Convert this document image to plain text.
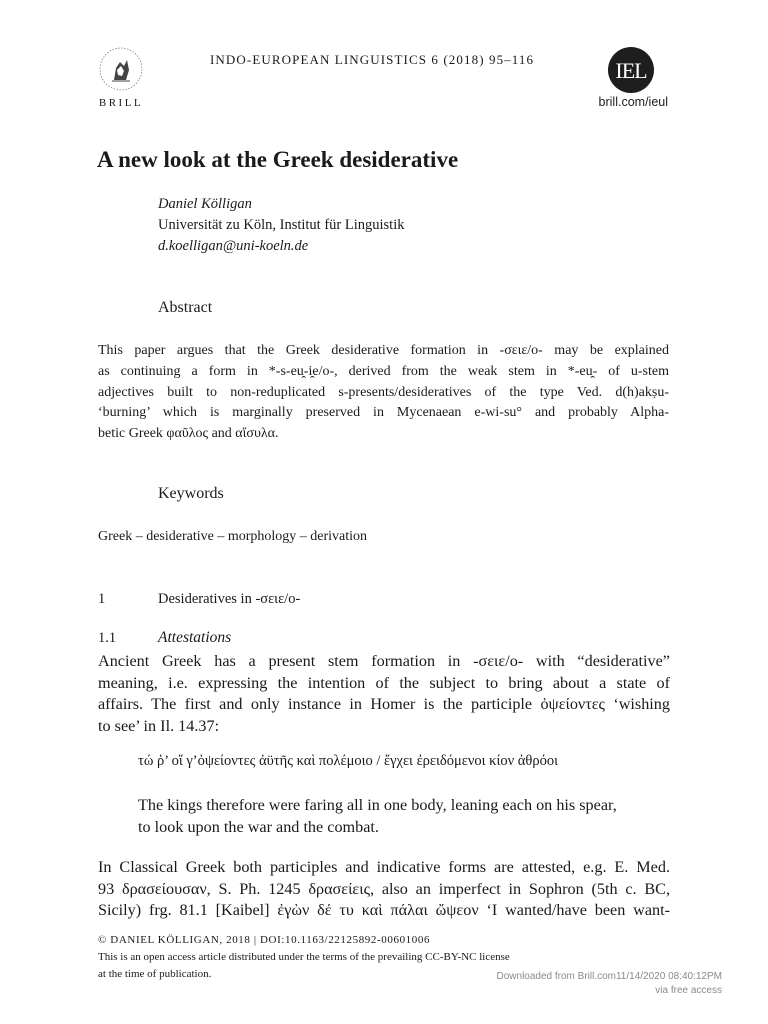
BRILL
INDO-EUROPEAN LINGUISTICS 6 (2018) 95–116	IEL
brill.com/ieul
A new look at the Greek desiderative
Daniel Kölligan
Universität zu Köln, Institut für Linguistik
d.koelligan@uni-koeln.de
Abstract

This paper argues that the Greek desiderative formation in -σειε/ο- may be explained

as continuing a form in *-s-eu̯-i̯e/o-, derived from the weak stem in *-eu̯- of u-stem

adjectives built to non-reduplicated s-presents/desideratives of the type Ved. d(h)akṣu-

‘burning’ which is marginally preserved in Mycenaean e-wi-su° and probably Alpha-

betic Greek φαῦλος and αἴσυλα.

Keywords
Greek – desiderative – morphology – derivation
1	Desideratives in -σειε/ο-
1.1	Attestations

Ancient Greek has a present stem formation in -σειε/ο- with “desiderative”

meaning, i.e. expressing the intention of the subject to bring about a state of

affairs. The first and only instance in Homer is the participle ὀψείοντες ‘wishing

to see’ in Il. 14.37:

τώ ῥ’ οἵ γ’ὀψείοντες ἀϋτῆς καὶ πολέμοιο / ἔγχει ἐρειδόμενοι κίον ἀθρόοι
The kings therefore were faring all in one body, leaning each on his spear,
to look upon the war and the combat.

In Classical Greek both participles and indicative forms are attested, e.g. E. Med.

93 δρασείουσαν, S. Ph. 1245 δρασείεις, also an imperfect in Sophron (5th c. BC,

Sicily) frg. 81.1 [Kaibel] ἐγὼν δέ τυ καὶ πάλαι ὤψεον ‘I wanted/have been want-

© DANIEL KÖLLIGAN, 2018 | DOI:10.1163/22125892-00601006
This is an open access article distributed under the terms of the prevailing CC-BY-NC license
at the time of publication.	Downloaded from Brill.com11/14/2020 08:40:12PM
via free access
